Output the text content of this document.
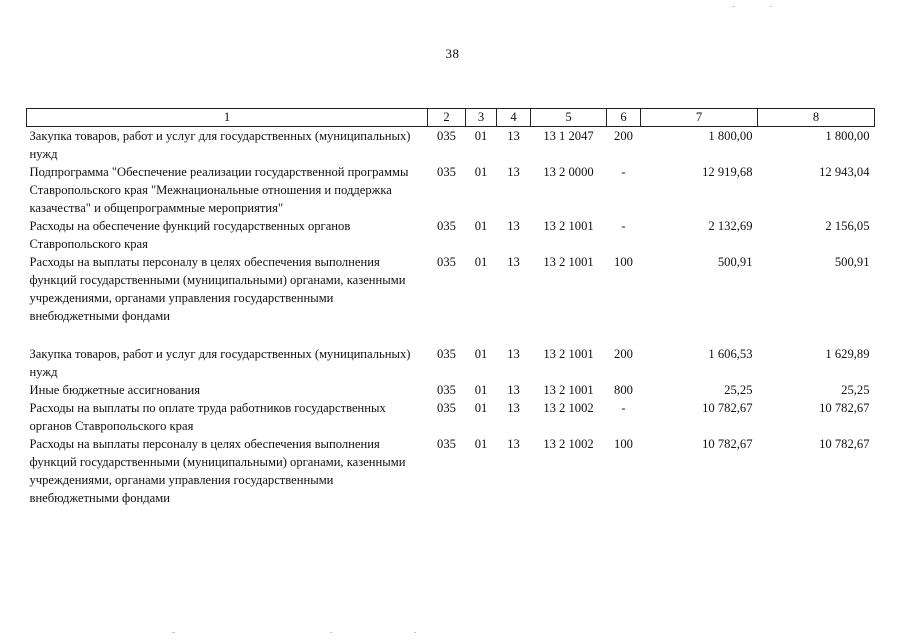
38
1	2	3	4	5	6	7	8
Закупка товаров, работ и услуг для государственных (муниципальных) нужд	035	01	13	13 1 2047	200	1 800,00	1 800,00
Подпрограмма "Обеспечение реализации государственной программы Ставропольского края "Межнациональные отношения и поддержка казачества" и общепрограммные мероприятия"	035	01	13	13 2 0000	-	12 919,68	12 943,04
Расходы на обеспечение функций государственных органов Ставропольского края	035	01	13	13 2 1001	-	2 132,69	2 156,05
Расходы на выплаты персоналу в целях обеспечения выполнения функций государственными (муниципальными) органами, казенными учреждениями, органами управления государственными внебюджетными фондами	035	01	13	13 2 1001	100	500,91	500,91

Закупка товаров, работ и услуг для государственных (муниципальных) нужд	035	01	13	13 2 1001	200	1 606,53	1 629,89
Иные бюджетные ассигнования	035	01	13	13 2 1001	800	25,25	25,25
Расходы на выплаты по оплате труда работников государственных органов Ставропольского края	035	01	13	13 2 1002	-	10 782,67	10 782,67
Расходы на выплаты персоналу в целях обеспечения выполнения функций государственными (муниципальными) органами, казенными учреждениями, органами управления государственными внебюджетными фондами	035	01	13	13 2 1002	100	10 782,67	10 782,67
